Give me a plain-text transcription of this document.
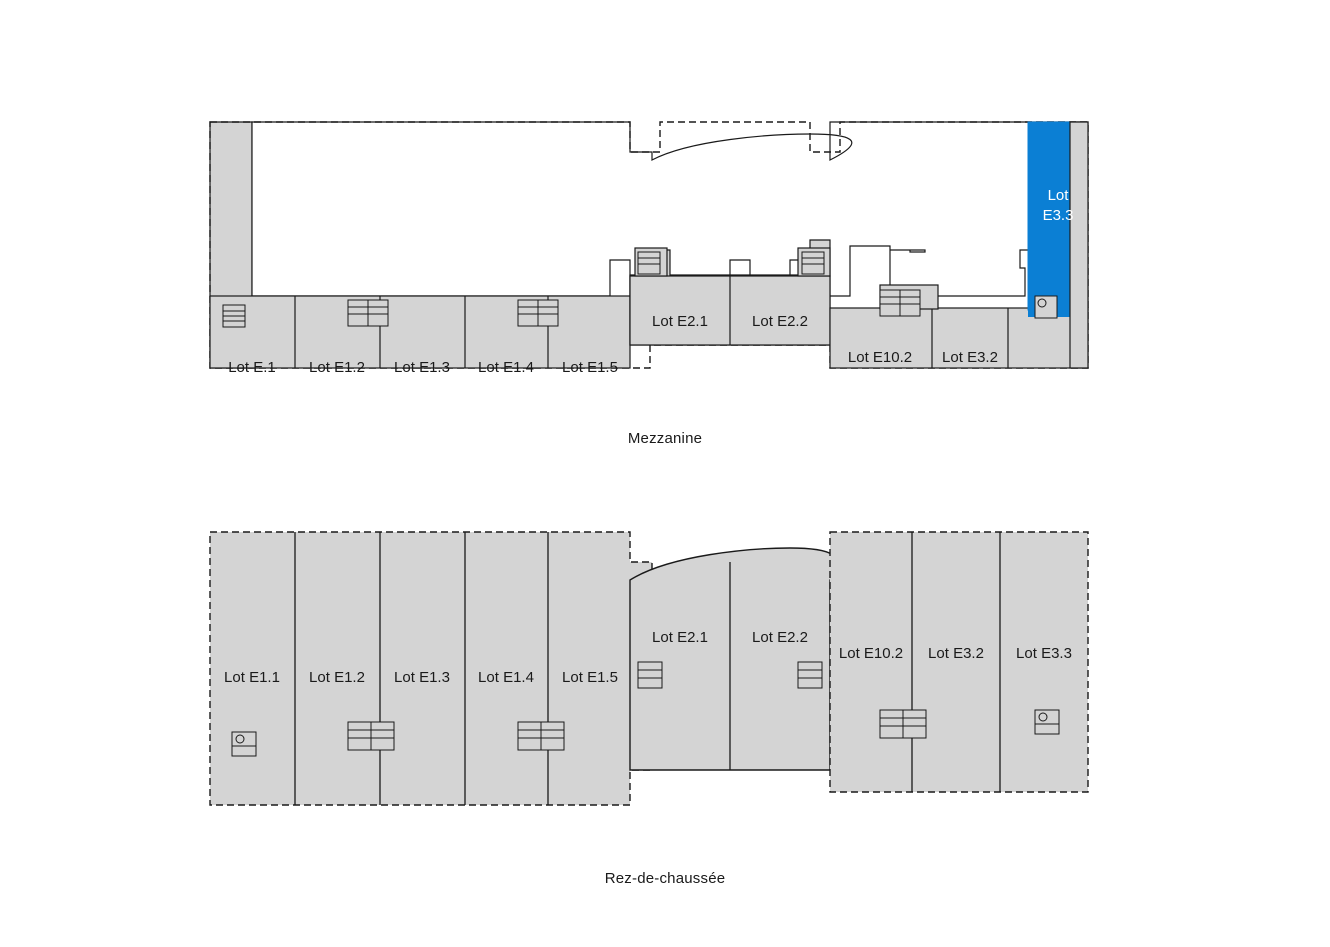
Lot E.1 Lot E1.2 Lot E1.3 Lot E1.4 Lot E1.5
Lot E2.1	Lot E2.2
Lot E10.2 Lot E3.2
Lot
E3.3
Mezzanine
Lot E1.1 Lot E1.2 Lot E1.3 Lot E1.4 Lot E1.5
Lot E2.1	Lot E2.2
Lot E10.2 Lot E3.2 Lot E3.3
Rez-de-chaussée
